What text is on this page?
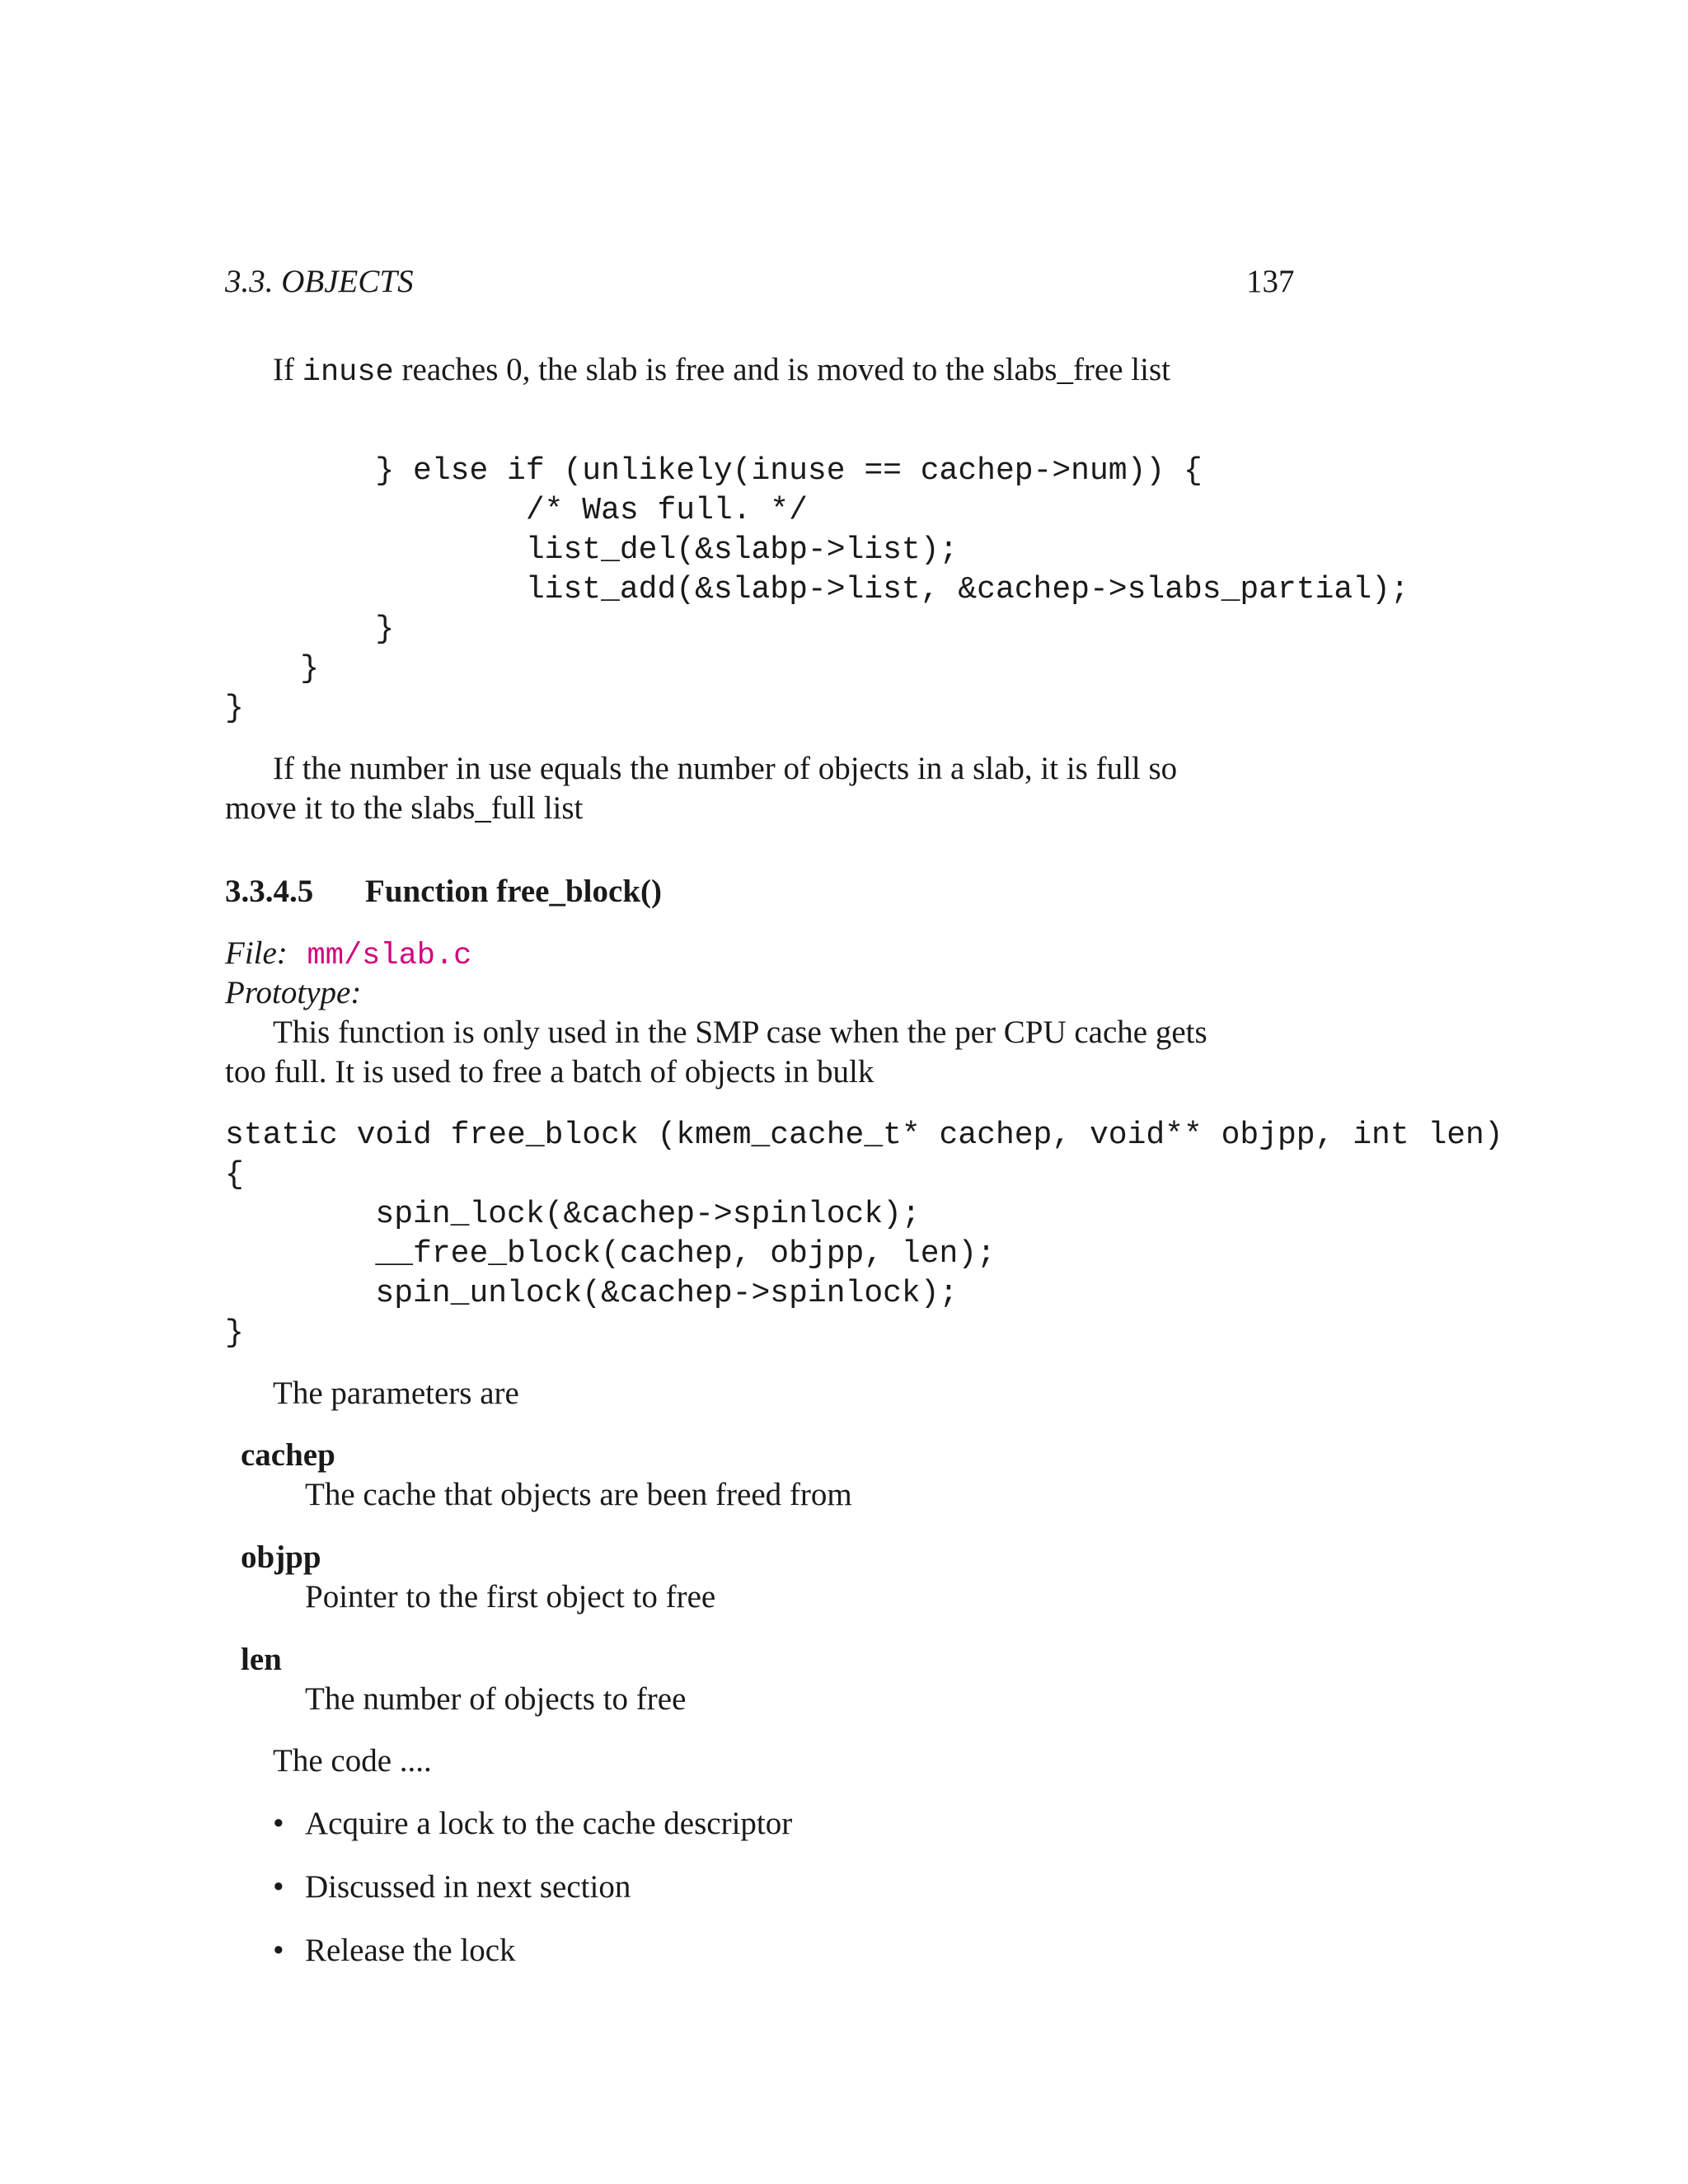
3.3. OBJECTS	137
If inuse reaches 0, the slab is free and is moved to the slabs_free list
} else if (unlikely(inuse == cachep->num)) {
/* Was full. */
list_del(&slabp->list);
list_add(&slabp->list, &cachep->slabs_partial);
}
}
}
If the number in use equals the number of objects in a slab, it is full so
move it to the slabs_full list
3.3.4.5 Function free_block()
File: mm/slab.c
Prototype:
This function is only used in the SMP case when the per CPU cache gets
too full. It is used to free a batch of objects in bulk
static void free_block (kmem_cache_t* cachep, void** objpp, int len)
{
spin_lock(&cachep->spinlock);
__free_block(cachep, objpp, len);
spin_unlock(&cachep->spinlock);
}
The parameters are
cachep
The cache that objects are been freed from
objpp
Pointer to the first object to free
len
The number of objects to free
The code ....
• Acquire a lock to the cache descriptor
• Discussed in next section
• Release the lock
